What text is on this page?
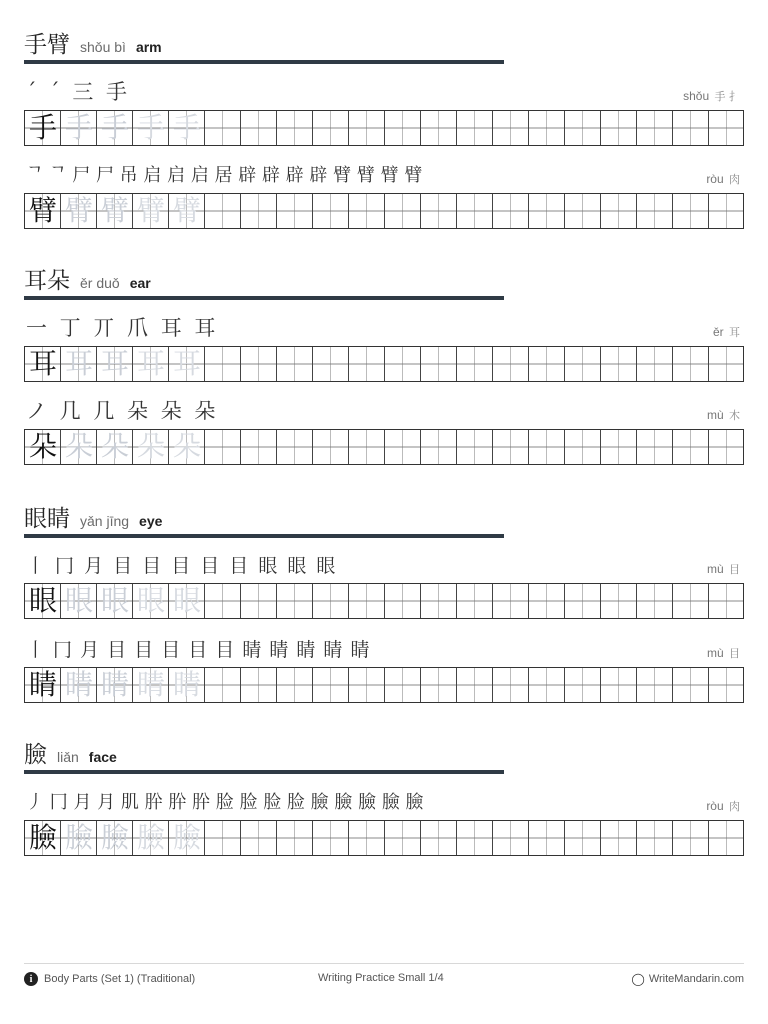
手臂 shǒu bì arm
ˊ ˊ 三 手	shǒu 手 扌
手 手 手 手 手
ᄀ ᄀ 尸 尸 吊 启 启 启 居 辟 辟 辟 辟 臂 臂 臂 臂	ròu 肉
臂 臂 臂 臂 臂
耳朵 ěr duǒ ear
一 丁 丌 爪 耳 耳	ěr 耳
耳 耳 耳 耳 耳
ノ 几 几 朵 朵 朵	mù 木
朵 朵 朵 朵 朵
眼睛 yǎn jīng eye
丨 冂 月 目 目 目 目 目 眼 眼 眼	mù 目
眼 眼 眼 眼 眼
丨 冂 月 目 目 目 目 目 睛 睛 睛 睛 睛	mù 目
睛 睛 睛 睛 睛
臉 liǎn face
丿 冂 月 月 肌 肸 肸 肸 脸 脸 脸 脸 臉 臉 臉 臉 臉	ròu 肉
臉 臉 臉 臉 臉
i	Body Parts (Set 1) (Traditional)	Writing Practice Small 1/4	◯ WriteMandarin.com
